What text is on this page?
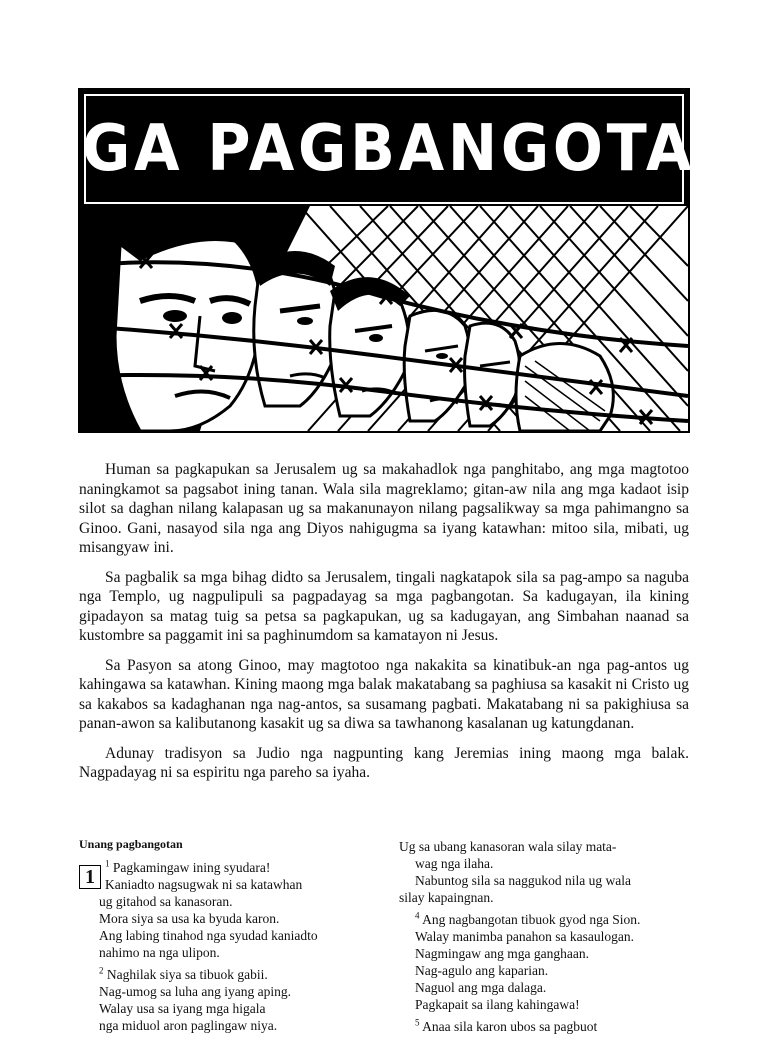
MGA PAGBANGOTAN

Human sa pagkapukan sa Jerusalem ug sa makahadlok nga panghitabo, ang mga magtotoo naningkamot sa pagsabot ining tanan. Wala sila magreklamo; gitan-aw nila ang mga kadaot isip silot sa daghan nilang kalapasan ug sa makanunayon nilang pagsalikway sa mga pahimangno sa Ginoo. Gani, nasayod sila nga ang Diyos nahigugma sa iyang katawhan: mitoo sila, mibati, ug misangyaw ini.

Sa pagbalik sa mga bihag didto sa Jerusalem, tingali nagkatapok sila sa pag-ampo sa naguba nga Templo, ug nagpulipuli sa pagpadayag sa mga pagbangotan. Sa kadugayan, ila kining gipadayon sa matag tuig sa petsa sa pagkapukan, ug sa kadugayan, ang Simbahan naanad sa kustombre sa paggamit ini sa paghinumdom sa kamatayon ni Jesus.

Sa Pasyon sa atong Ginoo, may magtotoo nga nakakita sa kinatibuk-an nga pag-antos ug kahingawa sa katawhan. Kining maong mga balak makatabang sa paghiusa sa kasakit ni Cristo ug sa kakabos sa kadaghanan nga nag-antos, sa susamang pagbati. Makatabang ni sa pakighiusa sa panan-awon sa kalibutanong kasakit ug sa diwa sa tawhanong kasalanan ug katungdanan.

Adunay tradisyon sa Judio nga nagpunting kang Jeremias ining maong mga balak. Nagpadayag ni sa espiritu nga pareho sa iyaha.

Unang pagbangotan
1
$^1$ Pagkamingaw ining syudara!
Kaniadto nagsugwak ni sa katawhan
ug gitahod sa kanasoran.
Mora siya sa usa ka byuda karon.
Ang labing tinahod nga syudad kaniadto
nahimo na nga ulipon.
$^2$ Naghilak siya sa tibuok gabii.
Nag-umog sa luha ang iyang aping.
Walay usa sa iyang mga higala
nga miduol aron paglingaw niya.
Ug sa ubang kanasoran wala silay mata-
wag nga ilaha.
Nabuntog sila sa naggukod nila ug wala
silay kapaingnan.
$^4$ Ang nagbangotan tibuok gyod nga Sion.
Walay manimba panahon sa kasaulogan.
Nagmingaw ang mga ganghaan.
Nag-agulo ang kaparian.
Naguol ang mga dalaga.
Pagkapait sa ilang kahingawa!
$^5$ Anaa sila karon ubos sa pagbuot
